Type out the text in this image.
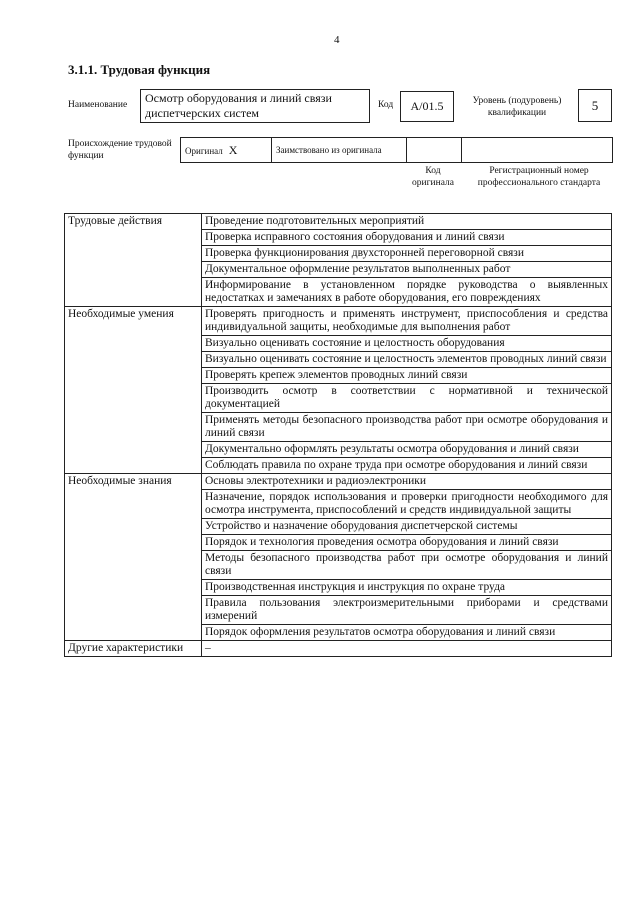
4
3.1.1. Трудовая функция
Наименование	Осмотр оборудования и линий связи диспетчерских систем
Код	A/01.5	Уровень (подуровень) квалификации	5
Происхождение трудовой функции
Оригинал X	Заимствовано из оригинала		
Код оригинала
Регистрационный номер профессионального стандарта
Трудовые действия	Проведение подготовительных мероприятий
	Проверка исправного состояния оборудования и линий связи
	Проверка функционирования двухсторонней переговорной связи
	Документальное оформление результатов выполненных работ
	Информирование в установленном порядке руководства о выявленных недостатках и замечаниях в работе оборудования, его повреждениях
Необходимые умения	Проверять пригодность и применять инструмент, приспособления и средства индивидуальной защиты, необходимые для выполнения работ
	Визуально оценивать состояние и целостность оборудования
	Визуально оценивать состояние и целостность элементов проводных линий связи
	Проверять крепеж элементов проводных линий связи
	Производить осмотр в соответствии с нормативной и технической документацией
	Применять методы безопасного производства работ при осмотре оборудования и линий связи
	Документально оформлять результаты осмотра оборудования и линий связи
	Соблюдать правила по охране труда при осмотре оборудования и линий связи
Необходимые знания	Основы электротехники и радиоэлектроники
	Назначение, порядок использования и проверки пригодности необходимого для осмотра инструмента, приспособлений и средств индивидуальной защиты
	Устройство и назначение оборудования диспетчерской системы
	Порядок и технология проведения осмотра оборудования и линий связи
	Методы безопасного производства работ при осмотре оборудования и линий связи
	Производственная инструкция и инструкция по охране труда
	Правила пользования электроизмерительными приборами и средствами измерений
	Порядок оформления результатов осмотра оборудования и линий связи
Другие характеристики	–
